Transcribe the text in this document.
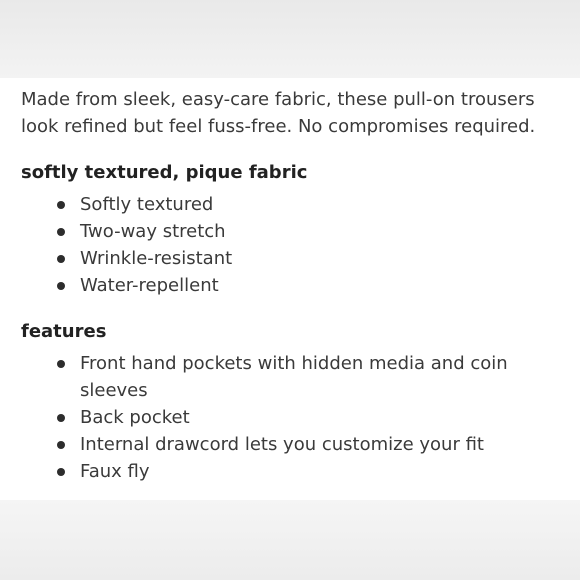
Made from sleek, easy-care fabric, these pull-on trousers look refined but feel fuss-free. No compromises required.

softly textured, pique fabric
Softly textured
Two-way stretch
Wrinkle-resistant
Water-repellent
features
Front hand pockets with hidden media and coin sleeves
Back pocket
Internal drawcord lets you customize your fit
Faux fly
